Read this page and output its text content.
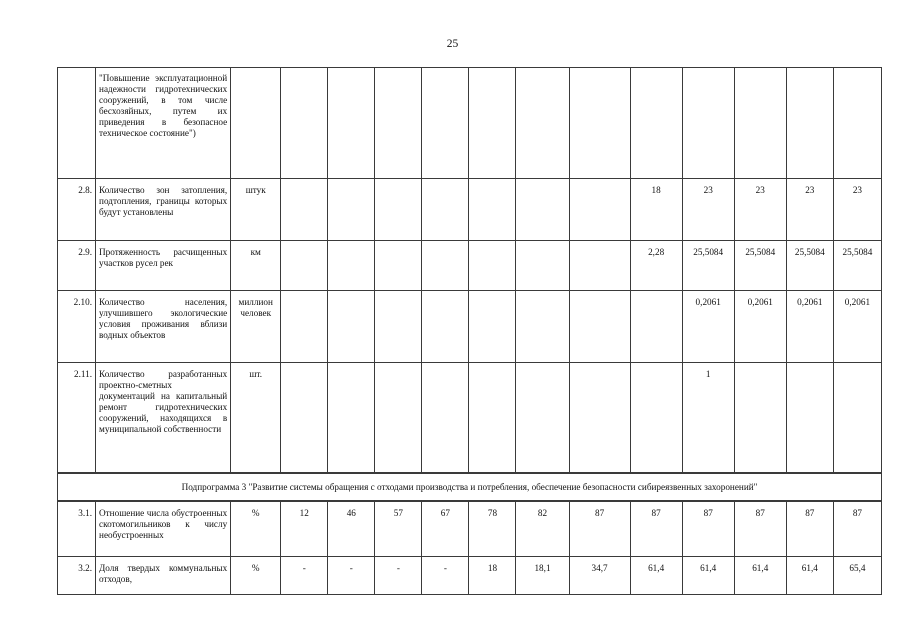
25
	"Повышение эксплуатационной надежности гидротехнических сооружений, в том числе бесхозяйных, путем их приведения в безопасное техническое состояние")													
2.8.	Количество зон затопления, подтопления, границы которых будут установлены	штук								18	23	23	23	23
2.9.	Протяженность расчищенных участков русел рек	км								2,28	25,5084	25,5084	25,5084	25,5084
2.10.	Количество населения, улучшившего экологические условия проживания вблизи водных объектов	миллион человек									0,2061	0,2061	0,2061	0,2061
2.11.	Количество разработанных проектно-сметных документаций на капитальный ремонт гидротехнических сооружений, находящихся в муниципальной собственности	шт.									1			
Подпрограмма 3 "Развитие системы обращения с отходами производства и потребления, обеспечение безопасности сибиреязвенных захоронений"														
3.1.	Отношение числа обустроенных скотомогильников к числу необустроенных	%	12	46	57	67	78	82	87	87	87	87	87	87
3.2.	Доля твердых коммунальных отходов,	%	-	-	-	-	18	18,1	34,7	61,4	61,4	61,4	61,4	65,4
